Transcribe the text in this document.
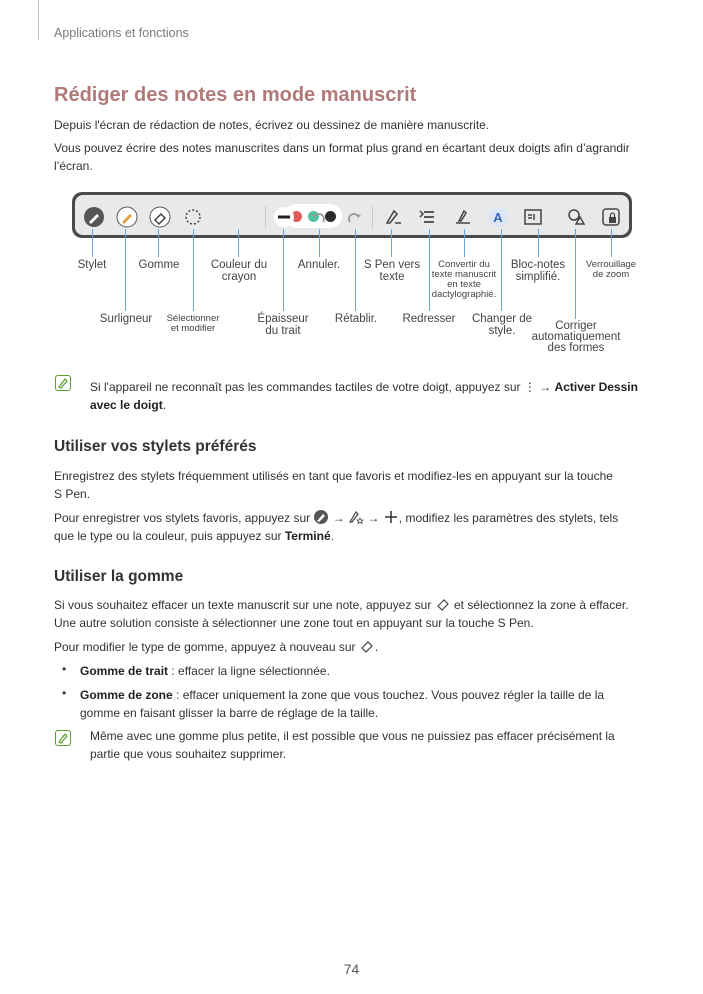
Applications et fonctions
Rédiger des notes en mode manuscrit
Depuis l'écran de rédaction de notes, écrivez ou dessinez de manière manuscrite.
Vous pouvez écrire des notes manuscrites dans un format plus grand en écartant deux doigts afin d’agrandir
l’écran.
A
Stylet	Gomme	Couleur du
crayon
Annuler.	S Pen vers
texte
Convertir du
texte manuscrit
en texte
dactylographié.
Bloc-notes
simplifié.
Verrouillage
de zoom
Surligneur	Sélectionner
et modifier
Épaisseur
du trait
Rétablir.	Redresser	Changer de
style.	Corriger
automatiquement
des formes
Si l'appareil ne reconnaît pas les commandes tactiles de votre doigt, appuyez sur ⋮ → Activer Dessin
avec le doigt.
Utiliser vos stylets préférés
Enregistrez des stylets fréquemment utilisés en tant que favoris et modifiez-les en appuyant sur la touche
S Pen.
Pour enregistrer vos stylets favoris, appuyez sur  →  → , modifiez les paramètres des stylets, tels
que le type ou la couleur, puis appuyez sur Terminé.
Utiliser la gomme
Si vous souhaitez effacer un texte manuscrit sur une note, appuyez sur  et sélectionnez la zone à effacer.
Une autre solution consiste à sélectionner une zone tout en appuyant sur la touche S Pen.
Pour modifier le type de gomme, appuyez à nouveau sur .
• Gomme de trait : effacer la ligne sélectionnée.
• Gomme de zone : effacer uniquement la zone que vous touchez. Vous pouvez régler la taille de la
gomme en faisant glisser la barre de réglage de la taille.
Même avec une gomme plus petite, il est possible que vous ne puissiez pas effacer précisément la
partie que vous souhaitez supprimer.
74
